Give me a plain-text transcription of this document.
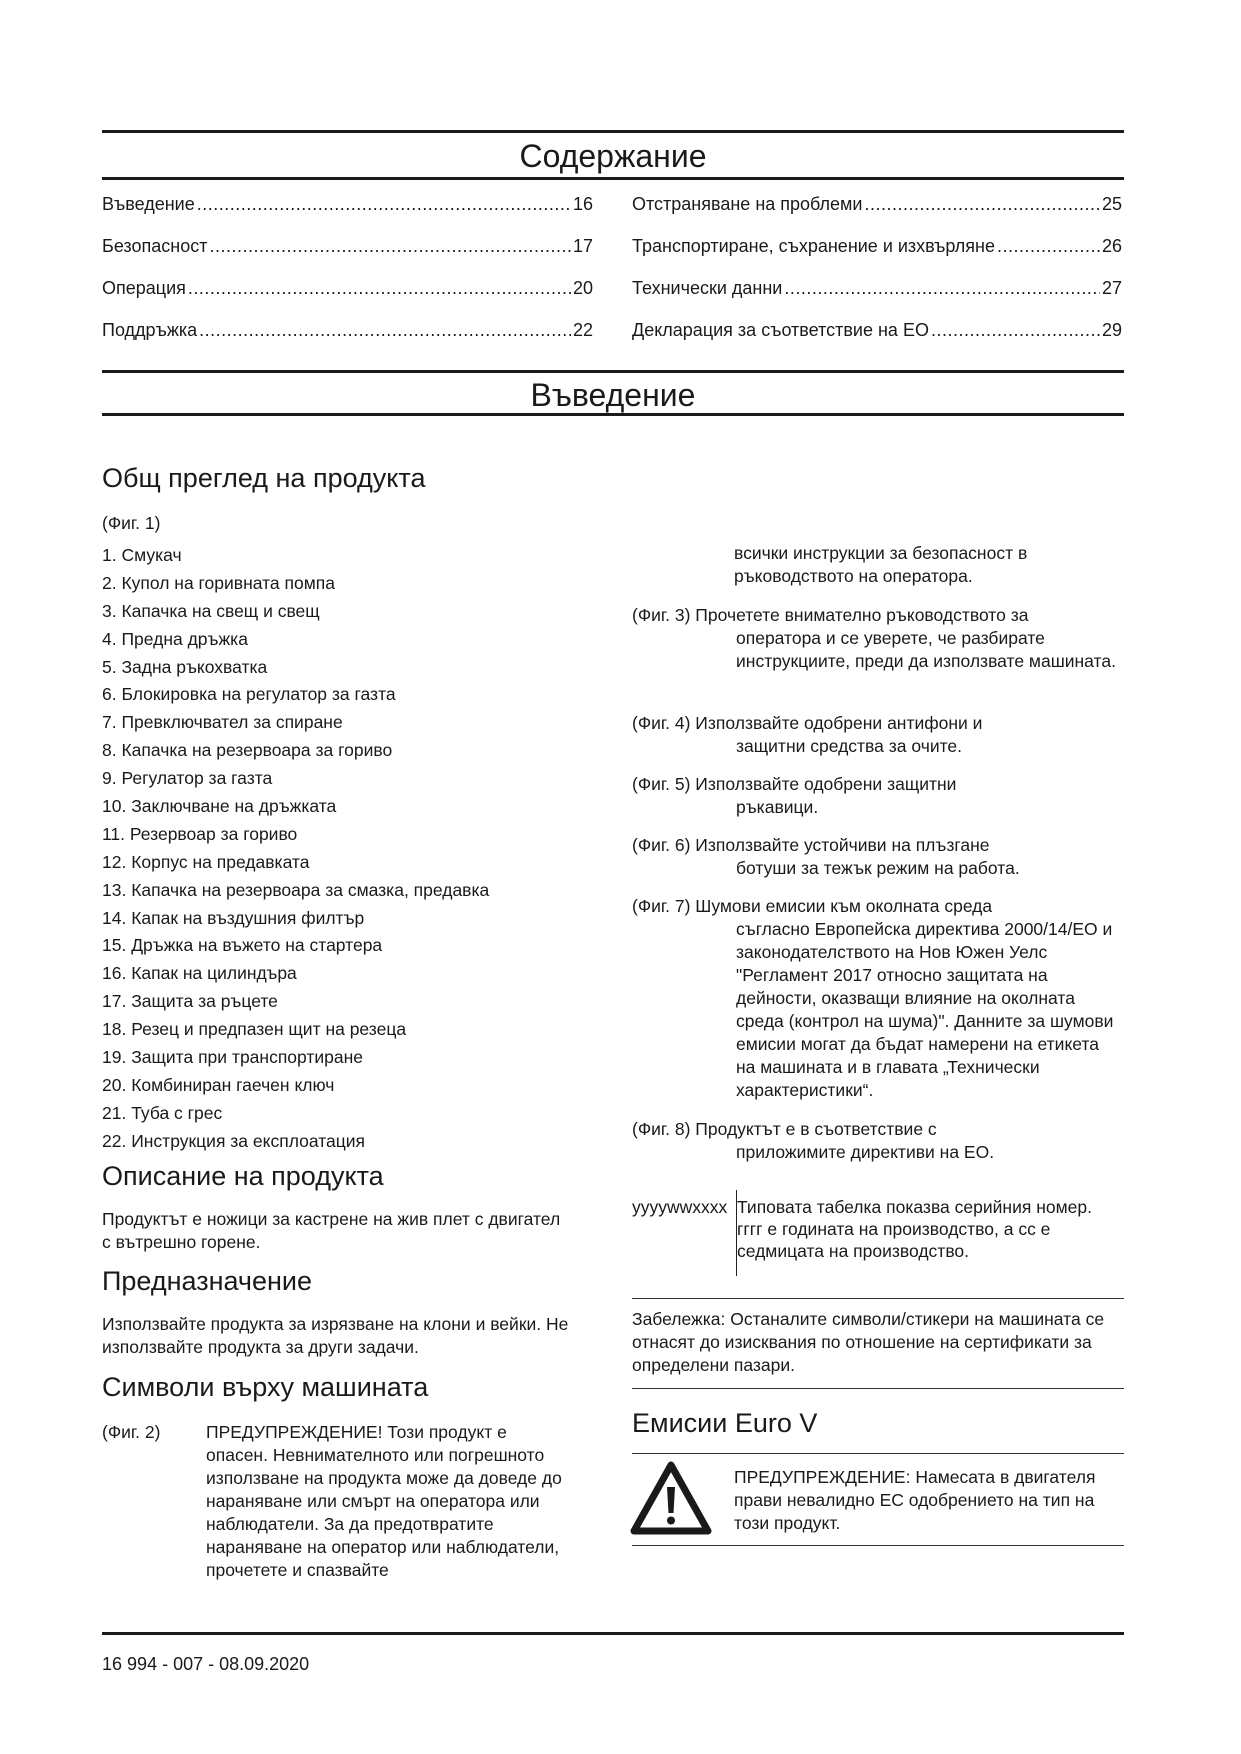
Содержание
Въведение .....	16
Безопасност .....	17
Операция .....	20
Поддръжка .....	22
Отстраняване на проблеми .....	25
Транспортиране, съхранение и изхвърляне .....	26
Технически данни .....	27
Декларация за съответствие на ЕО .....	29
Въведение
Общ преглед на продукта
(Фиг. 1)
1. Смукач
2. Купол на горивната помпа
3. Капачка на свещ и свещ
4. Предна дръжка
5. Задна ръкохватка
6. Блокировка на регулатор за газта
7. Превключвател за спиране
8. Капачка на резервоара за гориво
9. Регулатор за газта
10. Заключване на дръжката
11. Резервоар за гориво
12. Корпус на предавката
13. Капачка на резервоара за смазка, предавка
14. Капак на въздушния филтър
15. Дръжка на въжето на стартера
16. Капак на цилиндъра
17. Защита за ръцете
18. Резец и предпазен щит на резеца
19. Защита при транспортиране
20. Комбиниран гаечен ключ
21. Туба с грес
22. Инструкция за експлоатация
Описание на продукта
Продуктът е ножици за кастрене на жив плет с двигател с вътрешно горене.
Предназначение
Използвайте продукта за изрязване на клони и вейки. Не използвайте продукта за други задачи.
Символи върху машината
(Фиг. 2)	ПРЕДУПРЕЖДЕНИЕ! Този продукт е
опасен. Невнимателното или погрешното използване на продукта може да доведе до нараняване или смърт на оператора или наблюдатели. За да предотвратите нараняване на оператор или наблюдатели, прочетете и спазвайте
всички инструкции за безопасност в ръководството на оператора.
(Фиг. 3) Прочетете внимателно ръководството за
оператора и се уверете, че разбирате инструкциите, преди да използвате машината.
(Фиг. 4) Използвайте одобрени антифони и
защитни средства за очите.
(Фиг. 5) Използвайте одобрени защитни
ръкавици.
(Фиг. 6) Използвайте устойчиви на плъзгане
ботуши за тежък режим на работа.
(Фиг. 7) Шумови емисии към околната среда
съгласно Европейска директива 2000/14/ЕО и законодателството на Нов Южен Уелс "Регламент 2017 относно защитата на дейности, оказващи влияние на околната среда (контрол на шума)". Данните за шумови емисии могат да бъдат намерени на етикета на машината и в главата „Технически характеристики“.
(Фиг. 8) Продуктът е в съответствие с
приложимите директиви на ЕО.
yyyywwxxxx Типовата табелка показва серийния номер. гггг е годината на производство, а сс е седмицата на производство.
Забележка: Останалите символи/стикери на машината се отнасят до изисквания по отношение на сертификати за определени пазари.
Емисии Euro V
ПРЕДУПРЕЖДЕНИЕ: Намесата в двигателя прави невалидно ЕС одобрението на тип на този продукт.
16 994 - 007 - 08.09.2020
